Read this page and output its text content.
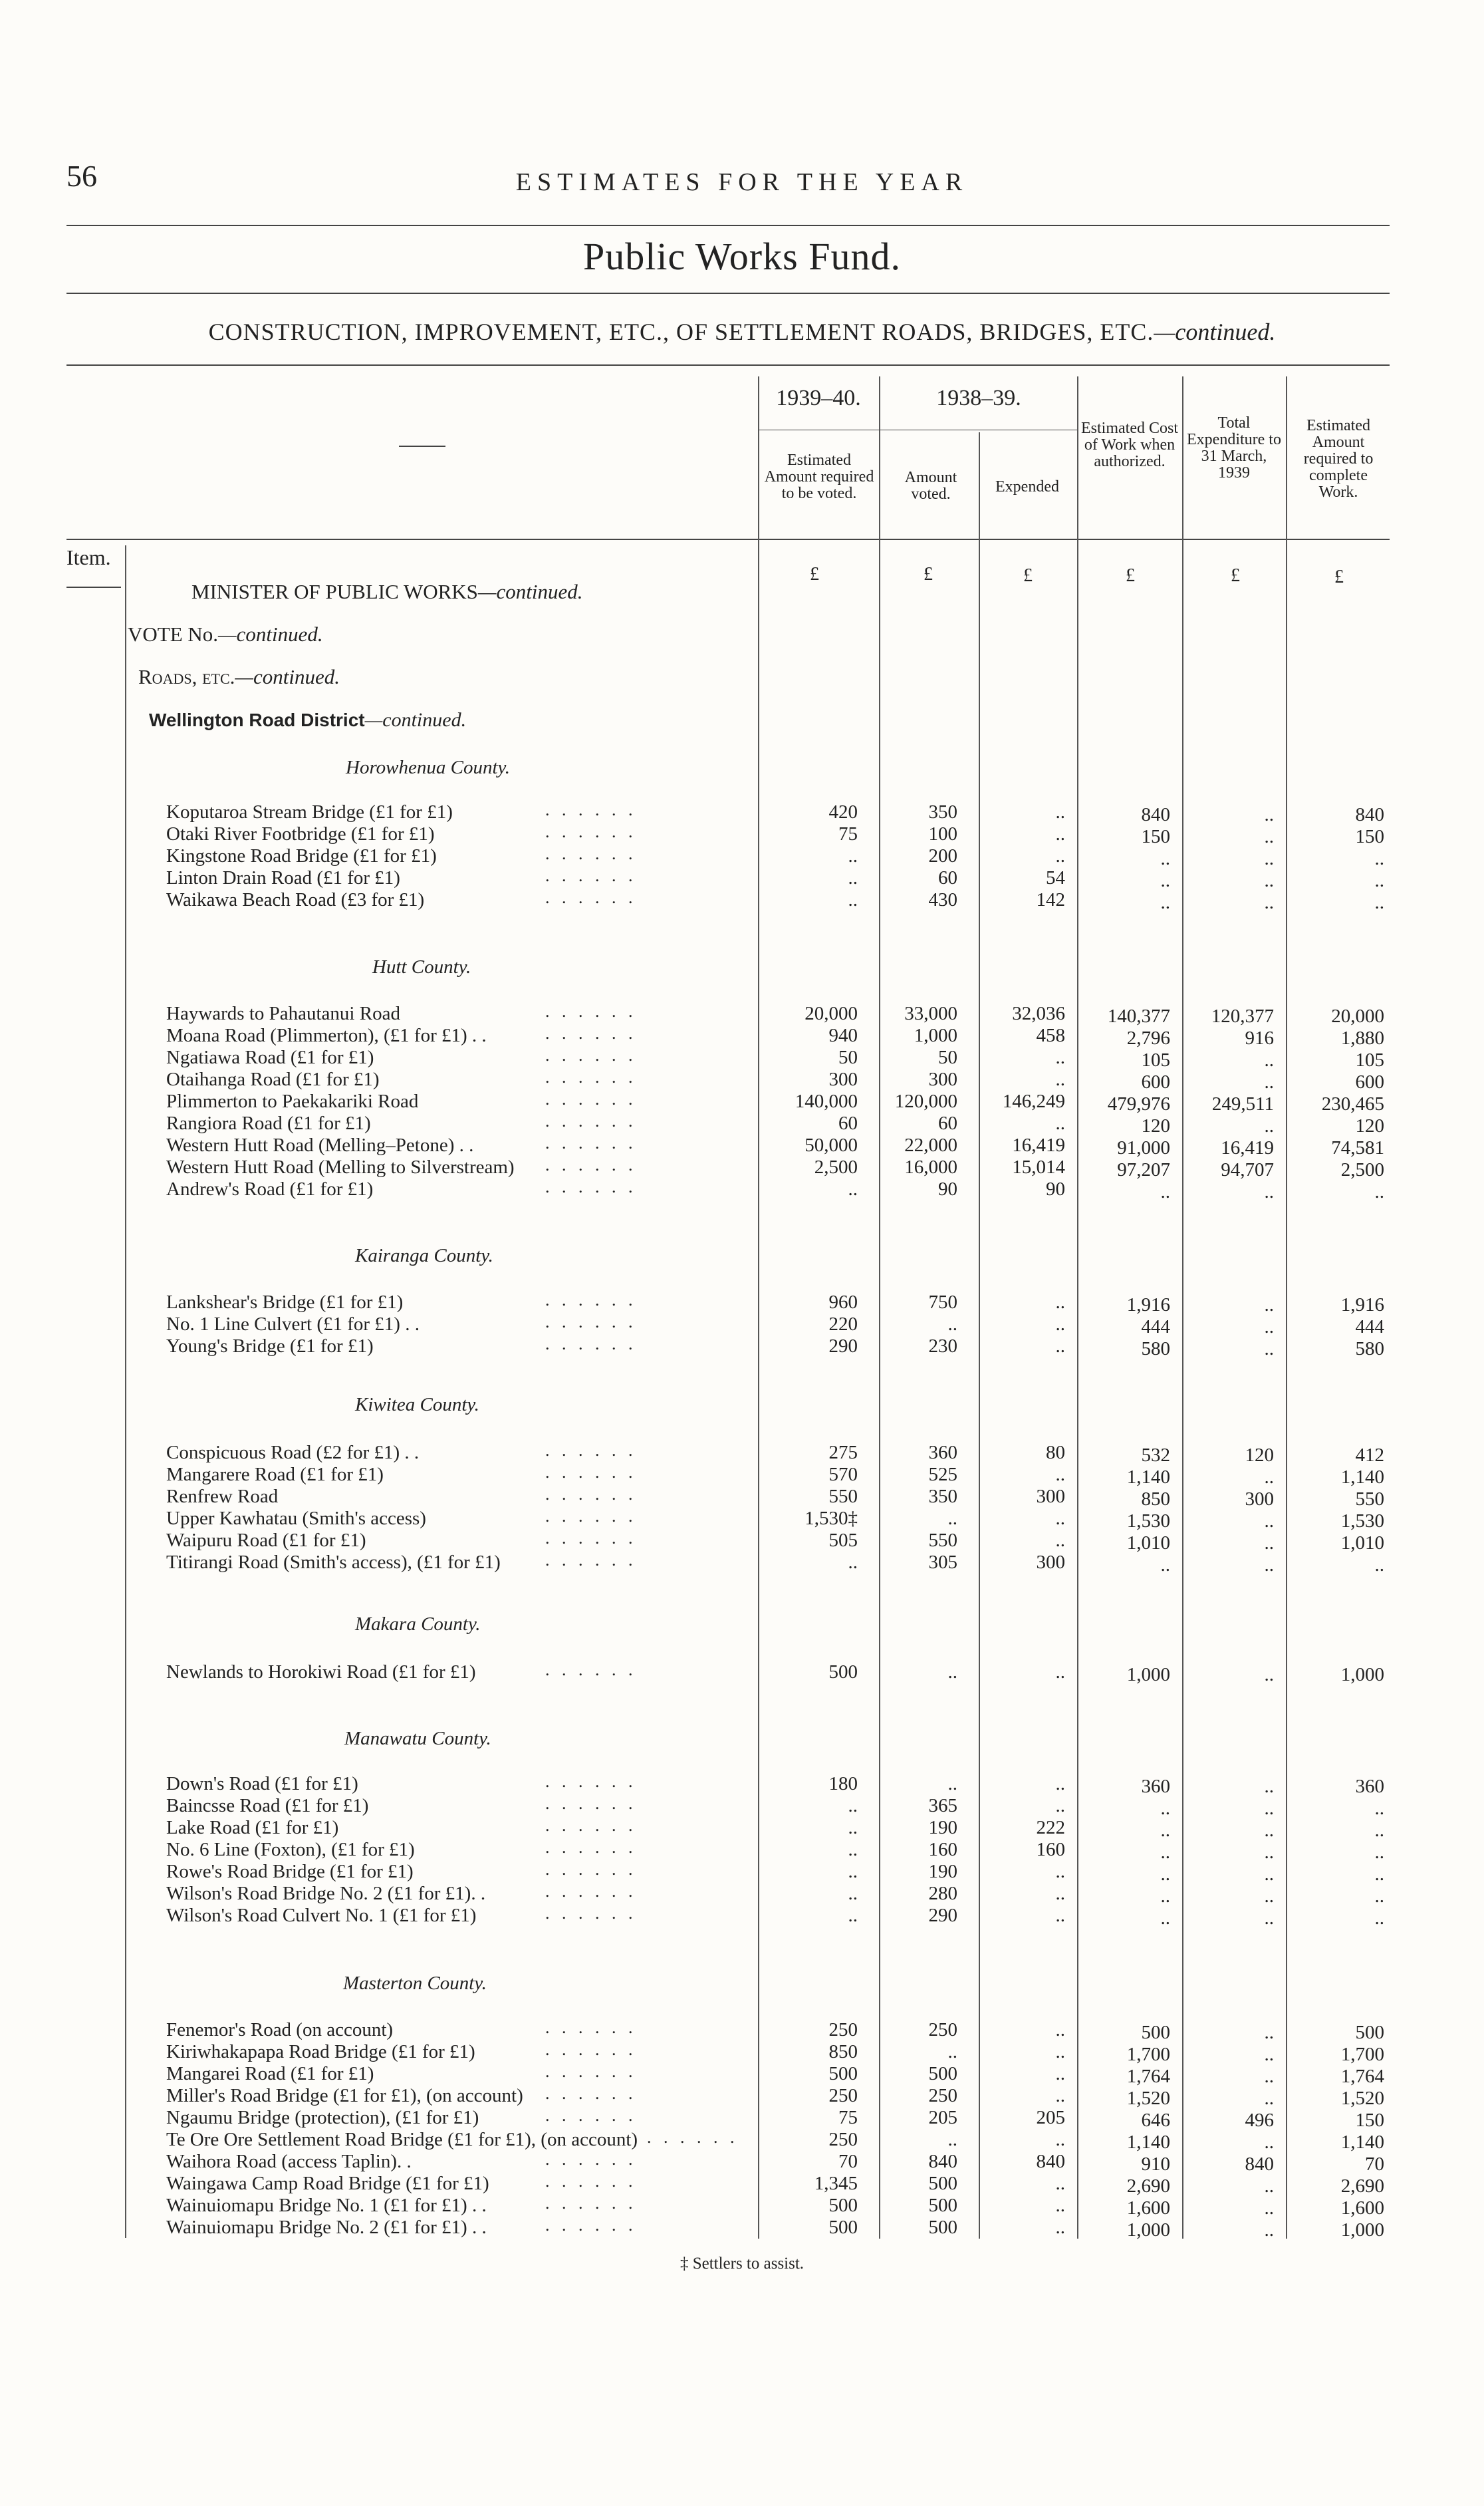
56	ESTIMATES FOR THE YEAR
Public Works Fund.
CONSTRUCTION, IMPROVEMENT, ETC., OF SETTLEMENT ROADS, BRIDGES, ETC.—continued.
1939–40.	1938–39.
Estimated Amount required to be voted.
Amount voted.	Expended
Estimated Cost of Work when authorized.
Total Expenditure to 31 March, 1939
Estimated Amount required to complete Work.
Item.
£	£	£	£	£	£
MINISTER OF PUBLIC WORKS—continued.
VOTE No.—continued.
Roads, etc.—continued.
Wellington Road District—continued.
Horowhenua County.
Koputaroa Stream Bridge (£1 for £1)	. . . . . .	420	350	..	840	..	840
Otaki River Footbridge (£1 for £1)	. . . . . .	75	100	..	150	..	150
Kingstone Road Bridge (£1 for £1)	. . . . . .	..	200	..	..	..	..
Linton Drain Road (£1 for £1)	. . . . . .	..	60	54	..	..	..
Waikawa Beach Road (£3 for £1)	. . . . . .	..	430	142	..	..	..
Hutt County.
Haywards to Pahautanui Road	. . . . . .	20,000	33,000	32,036	140,377	120,377	20,000
Moana Road (Plimmerton), (£1 for £1) . .	. . . . . .	940	1,000	458	2,796	916	1,880
Ngatiawa Road (£1 for £1)	. . . . . .	50	50	..	105	..	105
Otaihanga Road (£1 for £1)	. . . . . .	300	300	..	600	..	600
Plimmerton to Paekakariki Road	. . . . . .	140,000	120,000	146,249	479,976	249,511	230,465
Rangiora Road (£1 for £1)	. . . . . .	60	60	..	120	..	120
Western Hutt Road (Melling–Petone) . .	. . . . . .	50,000	22,000	16,419	91,000	16,419	74,581
Western Hutt Road (Melling to Silverstream) . . . . . .	2,500	16,000	15,014	97,207	94,707	2,500
Andrew's Road (£1 for £1)	. . . . . .	..	90	90	..	..	..
Kairanga County.
Lankshear's Bridge (£1 for £1)	. . . . . .	960	750	..	1,916	..	1,916
No. 1 Line Culvert (£1 for £1) . .	. . . . . .	220	..	..	444	..	444
Young's Bridge (£1 for £1)	. . . . . .	290	230	..	580	..	580
Kiwitea County.
Conspicuous Road (£2 for £1) . .	. . . . . .	275	360	80	532	120	412
Mangarere Road (£1 for £1)	. . . . . .	570	525	..	1,140	..	1,140
Renfrew Road	. . . . . .	550	350	300	850	300	550
Upper Kawhatau (Smith's access)	. . . . . .	1,530‡	..	..	1,530	..	1,530
Waipuru Road (£1 for £1)	. . . . . .	505	550	..	1,010	..	1,010
Titirangi Road (Smith's access), (£1 for £1)	. . . . . .	..	305	300	..	..	..
Makara County.
Newlands to Horokiwi Road (£1 for £1)	. . . . . .	500	..	..	1,000	..	1,000
Manawatu County.
Down's Road (£1 for £1)	. . . . . .	180	..	..	360	..	360
Baincsse Road (£1 for £1)	. . . . . .	..	365	..	..	..	..
Lake Road (£1 for £1)	. . . . . .	..	190	222	..	..	..
No. 6 Line (Foxton), (£1 for £1)	. . . . . .	..	160	160	..	..	..
Rowe's Road Bridge (£1 for £1)	. . . . . .	..	190	..	..	..	..
Wilson's Road Bridge No. 2 (£1 for £1). .	. . . . . .	..	280	..	..	..	..
Wilson's Road Culvert No. 1 (£1 for £1)	. . . . . .	..	290	..	..	..	..
Masterton County.
Fenemor's Road (on account)	. . . . . .	250	250	..	500	..	500
Kiriwhakapapa Road Bridge (£1 for £1)	. . . . . .	850	..	..	1,700	..	1,700
Mangarei Road (£1 for £1)	. . . . . .	500	500	..	1,764	..	1,764
Miller's Road Bridge (£1 for £1), (on account) . . . . . .	250	250	..	1,520	..	1,520
Ngaumu Bridge (protection), (£1 for £1)	. . . . . .	75	205	205	646	496	150
Te Ore Ore Settlement Road Bridge (£1 for £1), (on account) . . . . . .	250	..	..	1,140	..	1,140
Waihora Road (access Taplin). .	. . . . . .	70	840	840	910	840	70
Waingawa Camp Road Bridge (£1 for £1)	. . . . . .	1,345	500	..	2,690	..	2,690
Wainuiomapu Bridge No. 1 (£1 for £1) . .	. . . . . .	500	500	..	1,600	..	1,600
Wainuiomapu Bridge No. 2 (£1 for £1) . .	. . . . . .	500	500	..	1,000	..	1,000
‡ Settlers to assist.
